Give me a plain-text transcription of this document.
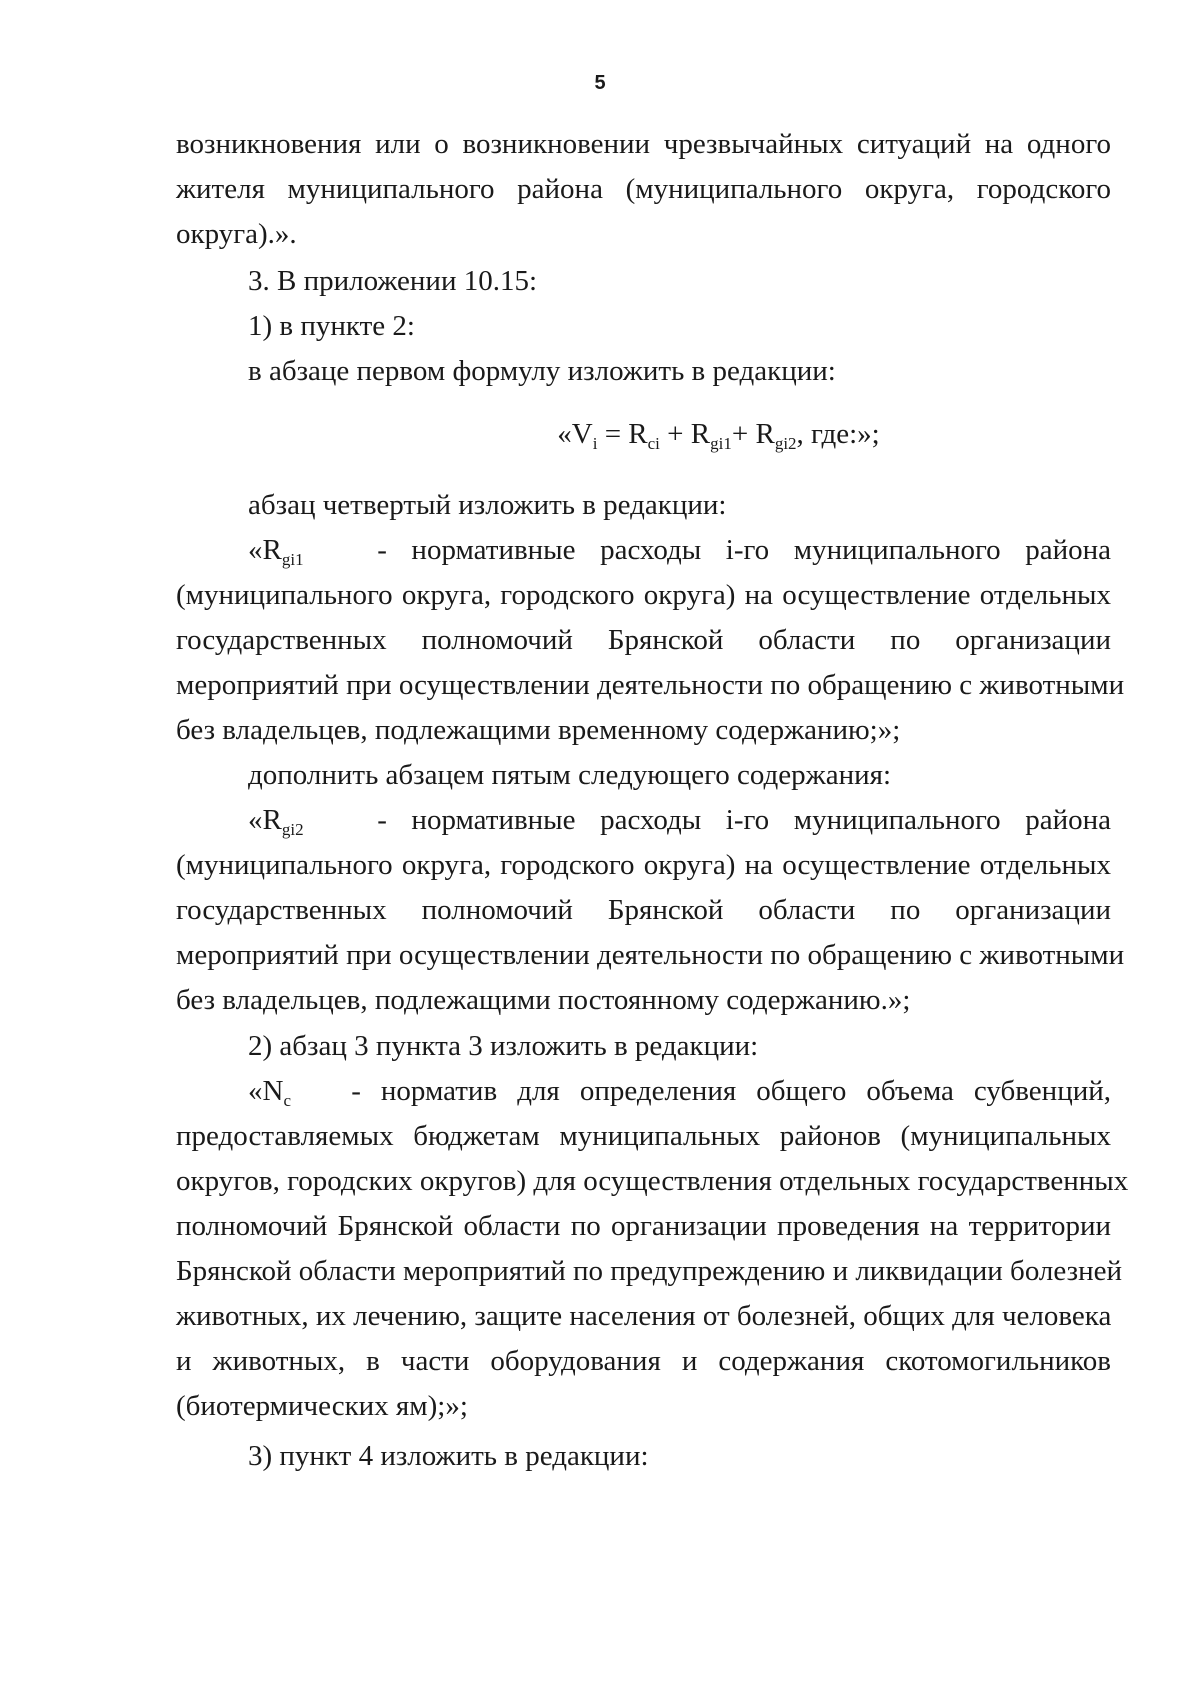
5
возникновения или о возникновении чрезвычайных ситуаций на одного
жителя муниципального района (муниципального округа, городского
округа).».
3. В приложении 10.15:
1) в пункте 2:
в абзаце первом формулу изложить в редакции:
«$V_i = R_{ci} + R_{gi1}+ R_{gi2}$, где:»;
абзац четвертый изложить в редакции:
«$R_{gi1}$	- нормативные расходы i-го муниципального района
(муниципального округа, городского округа) на осуществление отдельных
государственных полномочий Брянской области по организации
мероприятий при осуществлении деятельности по обращению с животными
без владельцев, подлежащими временному содержанию;»;
дополнить абзацем пятым следующего содержания:
«$R_{gi2}$	- нормативные расходы i-го муниципального района
(муниципального округа, городского округа) на осуществление отдельных
государственных полномочий Брянской области по организации
мероприятий при осуществлении деятельности по обращению с животными
без владельцев, подлежащими постоянному содержанию.»;
2) абзац 3 пункта 3 изложить в редакции:
«$N_c$ - норматив для определения общего объема субвенций,
предоставляемых бюджетам муниципальных районов (муниципальных
округов, городских округов) для осуществления отдельных государственных
полномочий Брянской области по организации проведения на территории
Брянской области мероприятий по предупреждению и ликвидации болезней
животных, их лечению, защите населения от болезней, общих для человека
и животных, в части оборудования и содержания скотомогильников
(биотермических ям);»;
3) пункт 4 изложить в редакции:
